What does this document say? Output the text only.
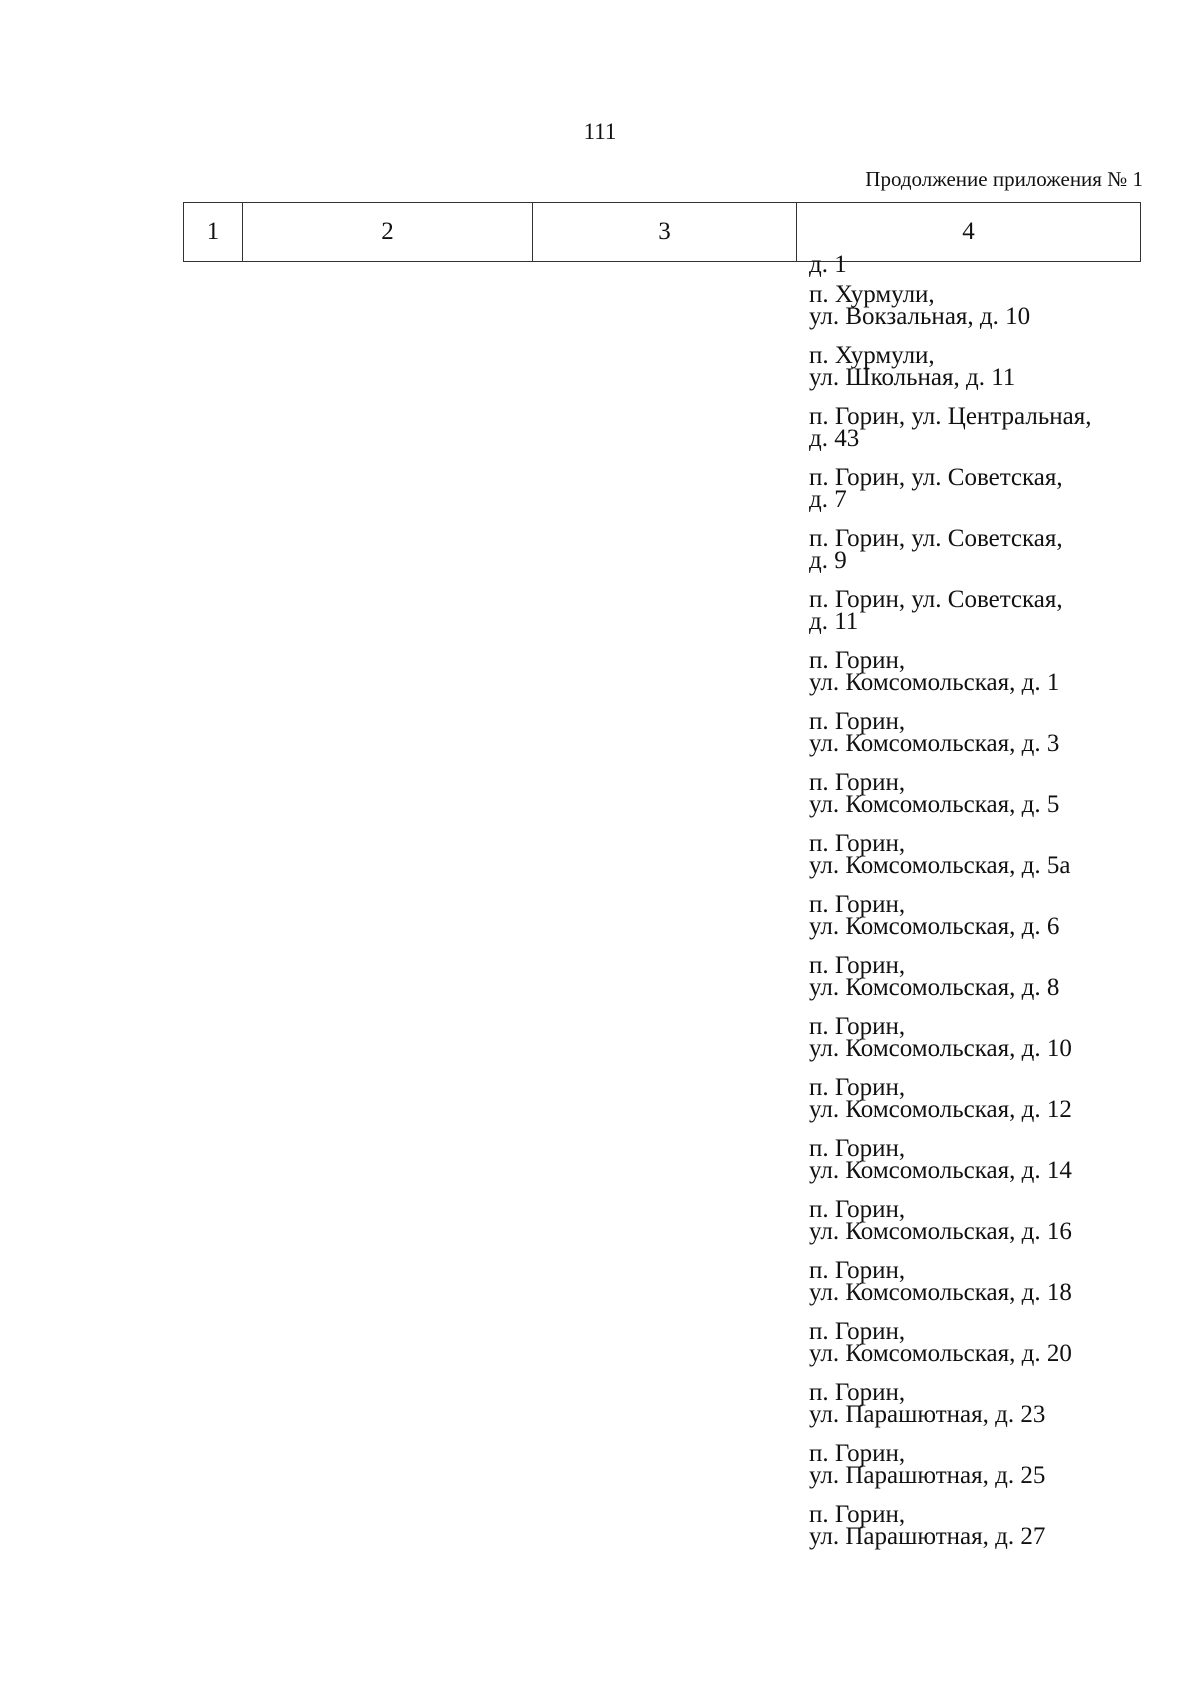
111
Продолжение приложения № 1
1	2	3	4
д. 1
п. Хурмули,
ул. Вокзальная, д. 10
п. Хурмули,
ул. Школьная, д. 11
п. Горин, ул. Центральная,
д. 43
п. Горин, ул. Советская,
д. 7
п. Горин, ул. Советская,
д. 9
п. Горин, ул. Советская,
д. 11
п. Горин,
ул. Комсомольская, д. 1
п. Горин,
ул. Комсомольская, д. 3
п. Горин,
ул. Комсомольская, д. 5
п. Горин,
ул. Комсомольская, д. 5а
п. Горин,
ул. Комсомольская, д. 6
п. Горин,
ул. Комсомольская, д. 8
п. Горин,
ул. Комсомольская, д. 10
п. Горин,
ул. Комсомольская, д. 12
п. Горин,
ул. Комсомольская, д. 14
п. Горин,
ул. Комсомольская, д. 16
п. Горин,
ул. Комсомольская, д. 18
п. Горин,
ул. Комсомольская, д. 20
п. Горин,
ул. Парашютная, д. 23
п. Горин,
ул. Парашютная, д. 25
п. Горин,
ул. Парашютная, д. 27
